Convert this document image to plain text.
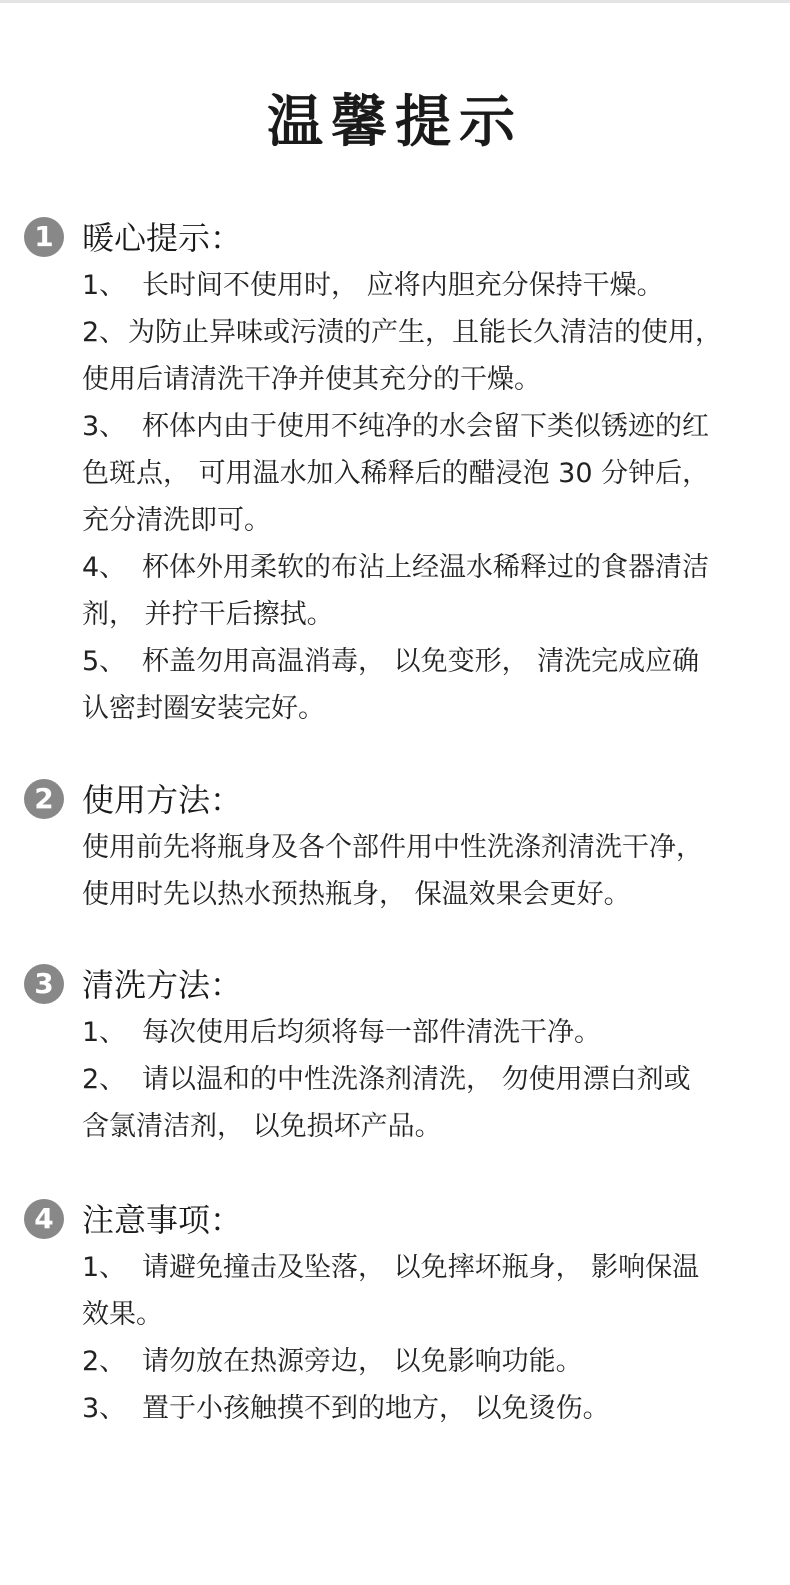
温馨提示
1 暖心提示：
1、 长时间不使用时， 应将内胆充分保持干燥。
2、 为防止异味或污渍的产生，且能长久清洁的使用，
使用后请清洗干净并使其充分的干燥。
3、 杯体内由于使用不纯净的水会留下类似锈迹的红
色斑点， 可用温水加入稀释后的醋浸泡 30 分钟后，
充分清洗即可。
4、 杯体外用柔软的布沾上经温水稀释过的食器清洁
剂， 并拧干后擦拭。
5、 杯盖勿用高温消毒， 以免变形， 清洗完成应确
认密封圈安装完好。
2 使用方法：
使用前先将瓶身及各个部件用中性洗涤剂清洗干净，
使用时先以热水预热瓶身， 保温效果会更好。
3 清洗方法：
1、 每次使用后均须将每一部件清洗干净。
2、 请以温和的中性洗涤剂清洗， 勿使用漂白剂或
含氯清洁剂， 以免损坏产品。
4 注意事项：
1、 请避免撞击及坠落， 以免摔坏瓶身， 影响保温
效果。
2、 请勿放在热源旁边， 以免影响功能。
3、 置于小孩触摸不到的地方， 以免烫伤。
